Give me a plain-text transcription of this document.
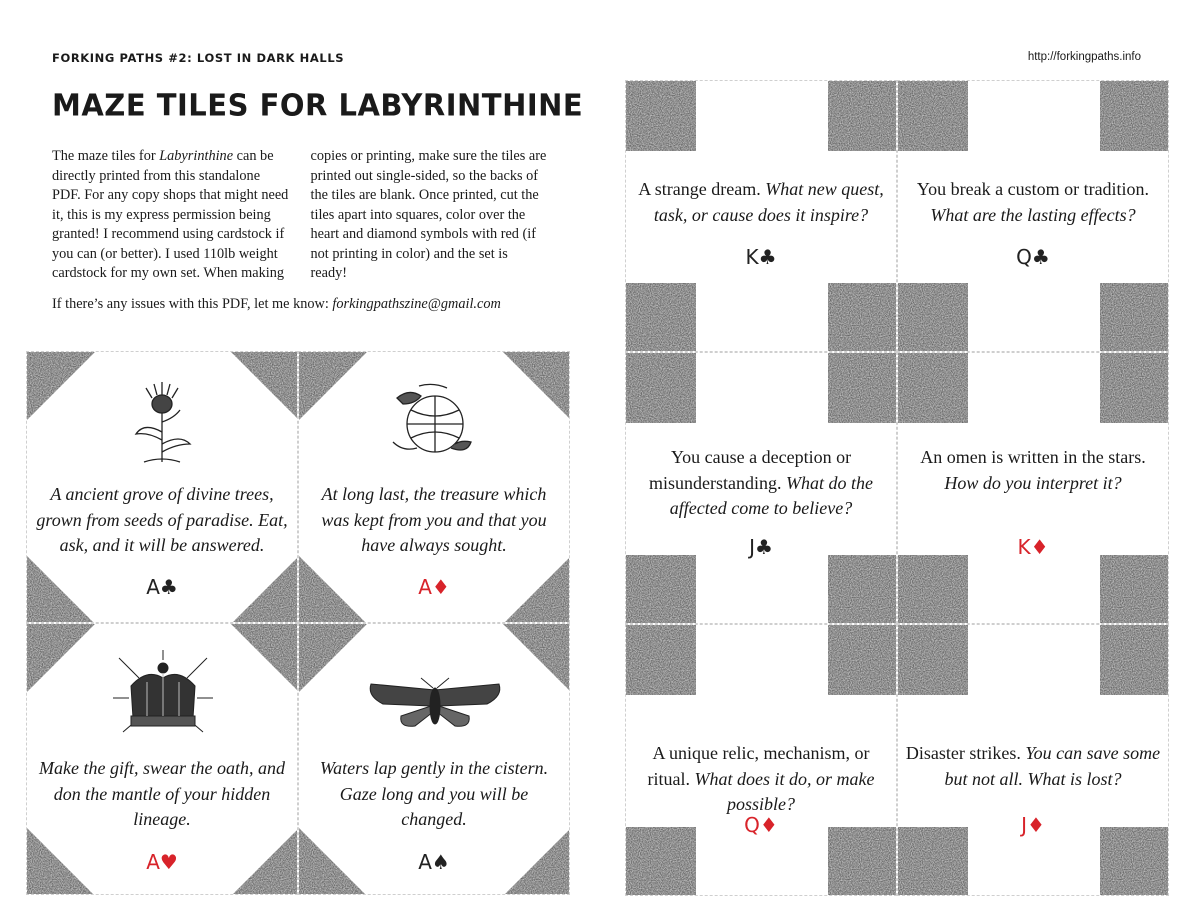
FORKING PATHS #2: LOST IN DARK HALLS	http://forkingpaths.info
MAZE TILES FOR LABYRINTHINE

The maze tiles for Labyrinthine can be directly printed from this standalone PDF. For any copy shops that might need it, this is my express permission being granted! I recommend using cardstock if you can (or better). I used 110lb weight cardstock for my own set. When making copies or printing, make sure the tiles are printed out single-sided, so the backs of the tiles are blank. Once printed, cut the tiles apart into squares, color over the heart and diamond symbols with red (if not printing in color) and the set is ready!

If there’s any issues with this PDF, let me know: forkingpathszine@gmail.com
A ancient grove of divine trees, grown from seeds of paradise. Eat, ask, and it will be answered.
A♣
At long last, the treasure which was kept from you and that you have always sought.
A♦
Make the gift, swear the oath, and don the mantle of your hidden lineage.
A♥
Waters lap gently in the cistern. Gaze long and you will be changed.
A♠
A strange dream. What new quest, task, or cause does it inspire?
K♣
You break a custom or tradition. What are the lasting effects?
Q♣
You cause a deception or misunderstanding. What do the affected come to believe?
J♣
An omen is written in the stars. How do you interpret it?
K♦
A unique relic, mechanism, or ritual. What does it do, or make possible?
Q♦
Disaster strikes. You can save some but not all. What is lost?
J♦
